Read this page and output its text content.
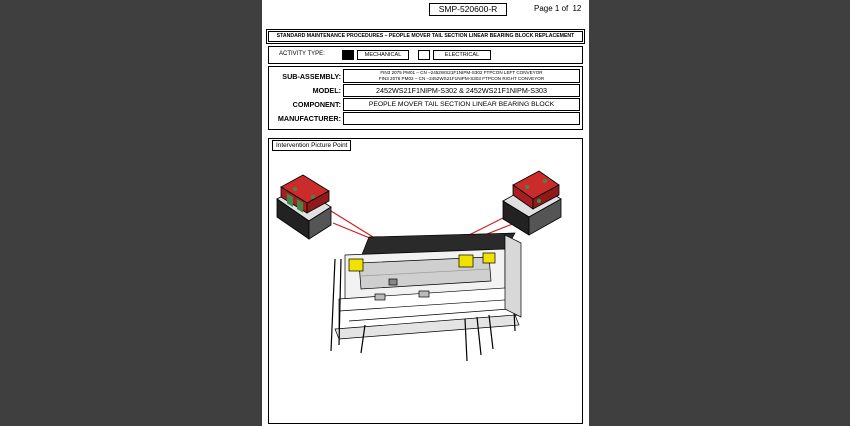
SMP-520600-R	Page 1 of 12
STANDARD MAINTENANCE PROCEDURES – PEOPLE MOVER TAIL SECTION LINEAR BEARING BLOCK REPLACEMENT
ACTIVITY TYPE:	MECHANICAL	ELECTRICAL
SUB-ASSEMBLY:	FIN3 2075 PM01 – CN –2452WS21F1NIPM-S302 FTPCON LEFT CONVEYOR
FIN3 2076 PM02 – CN –2452WS21F1NIPM-S303 FTPCON RIGHT CONVEYOR
MODEL:	2452WS21F1NIPM-S302 & 2452WS21F1NIPM-S303
COMPONENT:	PEOPLE MOVER TAIL SECTION LINEAR BEARING BLOCK
MANUFACTURER:
Intervention Picture Point
